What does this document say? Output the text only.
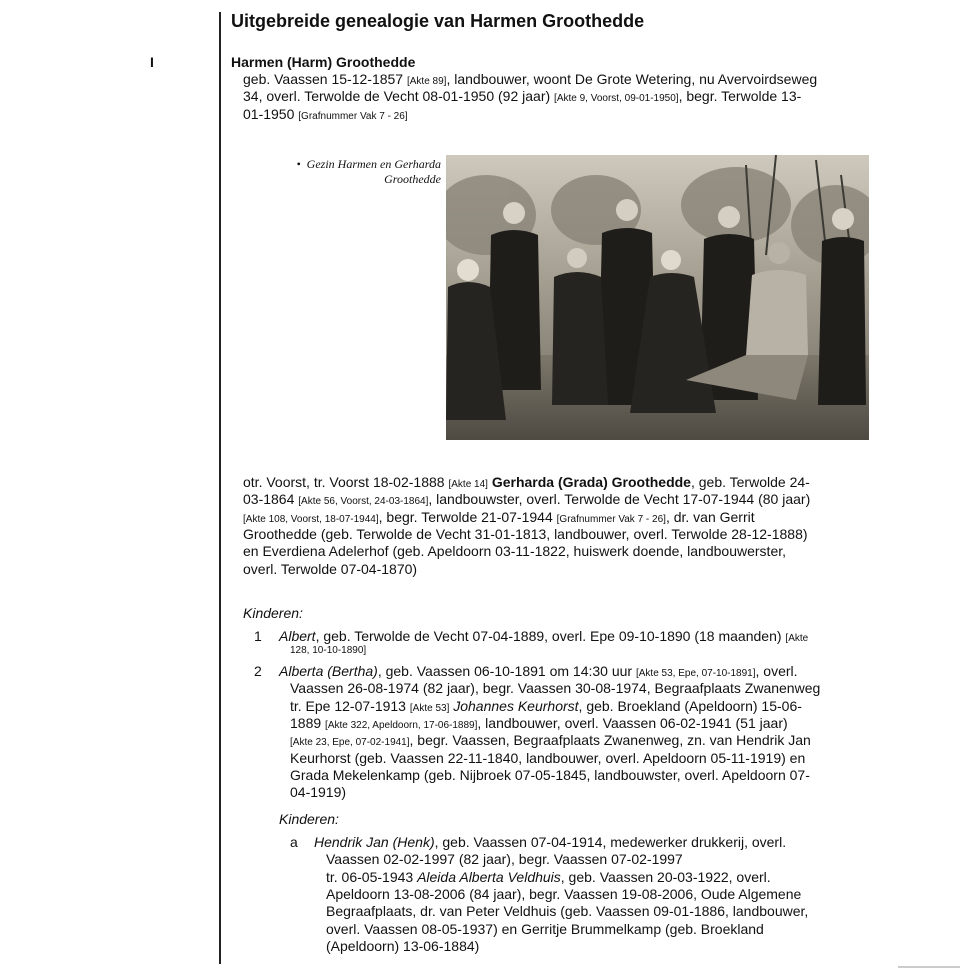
I
Uitgebreide genealogie van Harmen Groothedde

Harmen (Harm) Groothedde

geb. Vaassen 15-12-1857 [Akte 89], landbouwer, woont De Grote Wetering, nu Avervoirdseweg

34, overl. Terwolde de Vecht 08-01-1950 (92 jaar) [Akte 9, Voorst, 09-01-1950], begr. Terwolde 13-

01-1950 [Grafnummer Vak 7 - 26]

• Gezin Harmen en Gerharda
Groothedde

otr. Voorst, tr. Voorst 18-02-1888 [Akte 14] Gerharda (Grada) Groothedde, geb. Terwolde 24-

03-1864 [Akte 56, Voorst, 24-03-1864], landbouwster, overl. Terwolde de Vecht 17-07-1944 (80 jaar)

[Akte 108, Voorst, 18-07-1944], begr. Terwolde 21-07-1944 [Grafnummer Vak 7 - 26], dr. van Gerrit

Groothedde (geb. Terwolde de Vecht 31-01-1813, landbouwer, overl. Terwolde 28-12-1888)

en Everdiena Adelerhof (geb. Apeldoorn 03-11-1822, huiswerk doende, landbouwerster,

overl. Terwolde 07-04-1870)

Kinderen:

1 Albert, geb. Terwolde de Vecht 07-04-1889, overl. Epe 09-10-1890 (18 maanden) [Akte

128, 10-10-1890]

2 Alberta (Bertha), geb. Vaassen 06-10-1891 om 14:30 uur [Akte 53, Epe, 07-10-1891], overl.

Vaassen 26-08-1974 (82 jaar), begr. Vaassen 30-08-1974, Begraafplaats Zwanenweg

tr. Epe 12-07-1913 [Akte 53] Johannes Keurhorst, geb. Broekland (Apeldoorn) 15-06-

1889 [Akte 322, Apeldoorn, 17-06-1889], landbouwer, overl. Vaassen 06-02-1941 (51 jaar)

[Akte 23, Epe, 07-02-1941], begr. Vaassen, Begraafplaats Zwanenweg, zn. van Hendrik Jan

Keurhorst (geb. Vaassen 22-11-1840, landbouwer, overl. Apeldoorn 05-11-1919) en

Grada Mekelenkamp (geb. Nijbroek 07-05-1845, landbouwster, overl. Apeldoorn 07-

04-1919)

Kinderen:

a Hendrik Jan (Henk), geb. Vaassen 07-04-1914, medewerker drukkerij, overl.

Vaassen 02-02-1997 (82 jaar), begr. Vaassen 07-02-1997

tr. 06-05-1943 Aleida Alberta Veldhuis, geb. Vaassen 20-03-1922, overl.

Apeldoorn 13-08-2006 (84 jaar), begr. Vaassen 19-08-2006, Oude Algemene

Begraafplaats, dr. van Peter Veldhuis (geb. Vaassen 09-01-1886, landbouwer,

overl. Vaassen 08-05-1937) en Gerritje Brummelkamp (geb. Broekland

(Apeldoorn) 13-06-1884)
